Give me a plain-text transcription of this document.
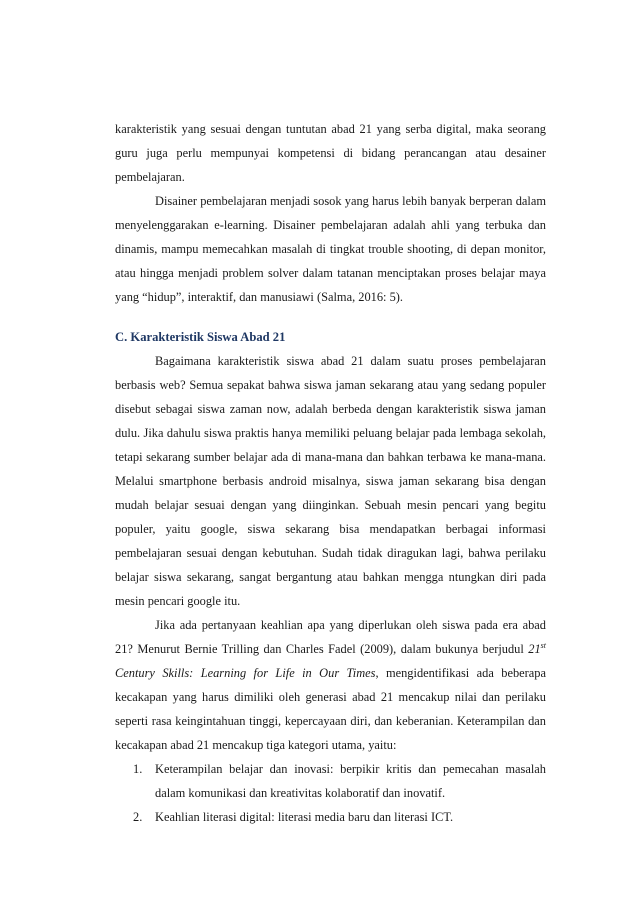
karakteristik yang sesuai dengan tuntutan abad 21 yang serba digital, maka seorang guru juga perlu mempunyai kompetensi di bidang perancangan atau desainer pembelajaran.

Disainer pembelajaran menjadi sosok yang harus lebih banyak berperan dalam menyelenggarakan e-learning. Disainer pembelajaran adalah ahli yang terbuka dan dinamis, mampu memecahkan masalah di tingkat trouble shooting, di depan monitor, atau hingga menjadi problem solver dalam tatanan menciptakan proses belajar maya yang “hidup”, interaktif, dan manusiawi (Salma, 2016: 5).

C. Karakteristik Siswa Abad 21

Bagaimana karakteristik siswa abad 21 dalam suatu proses pembelajaran berbasis web? Semua sepakat bahwa siswa jaman sekarang atau yang sedang populer disebut sebagai siswa zaman now, adalah berbeda dengan karakteristik siswa jaman dulu. Jika dahulu siswa praktis hanya memiliki peluang belajar pada lembaga sekolah, tetapi sekarang sumber belajar ada di mana-mana dan bahkan terbawa ke mana-mana. Melalui smartphone berbasis android misalnya, siswa jaman sekarang bisa dengan mudah belajar sesuai dengan yang diinginkan. Sebuah mesin pencari yang begitu populer, yaitu google, siswa sekarang bisa mendapatkan berbagai informasi pembelajaran sesuai dengan kebutuhan. Sudah tidak diragukan lagi, bahwa perilaku belajar siswa sekarang, sangat bergantung atau bahkan mengga ntungkan diri pada mesin pencari google itu.

Jika ada pertanyaan keahlian apa yang diperlukan oleh siswa pada era abad 21? Menurut Bernie Trilling dan Charles Fadel (2009), dalam bukunya berjudul 21st Century Skills: Learning for Life in Our Times, mengidentifikasi ada beberapa kecakapan yang harus dimiliki oleh generasi abad 21 mencakup nilai dan perilaku seperti rasa keingintahuan tinggi, kepercayaan diri, dan keberanian. Keterampilan dan kecakapan abad 21 mencakup tiga kategori utama, yaitu:

1. Keterampilan belajar dan inovasi: berpikir kritis dan pemecahan masalah dalam komunikasi dan kreativitas kolaboratif dan inovatif.
2. Keahlian literasi digital: literasi media baru dan literasi ICT.
